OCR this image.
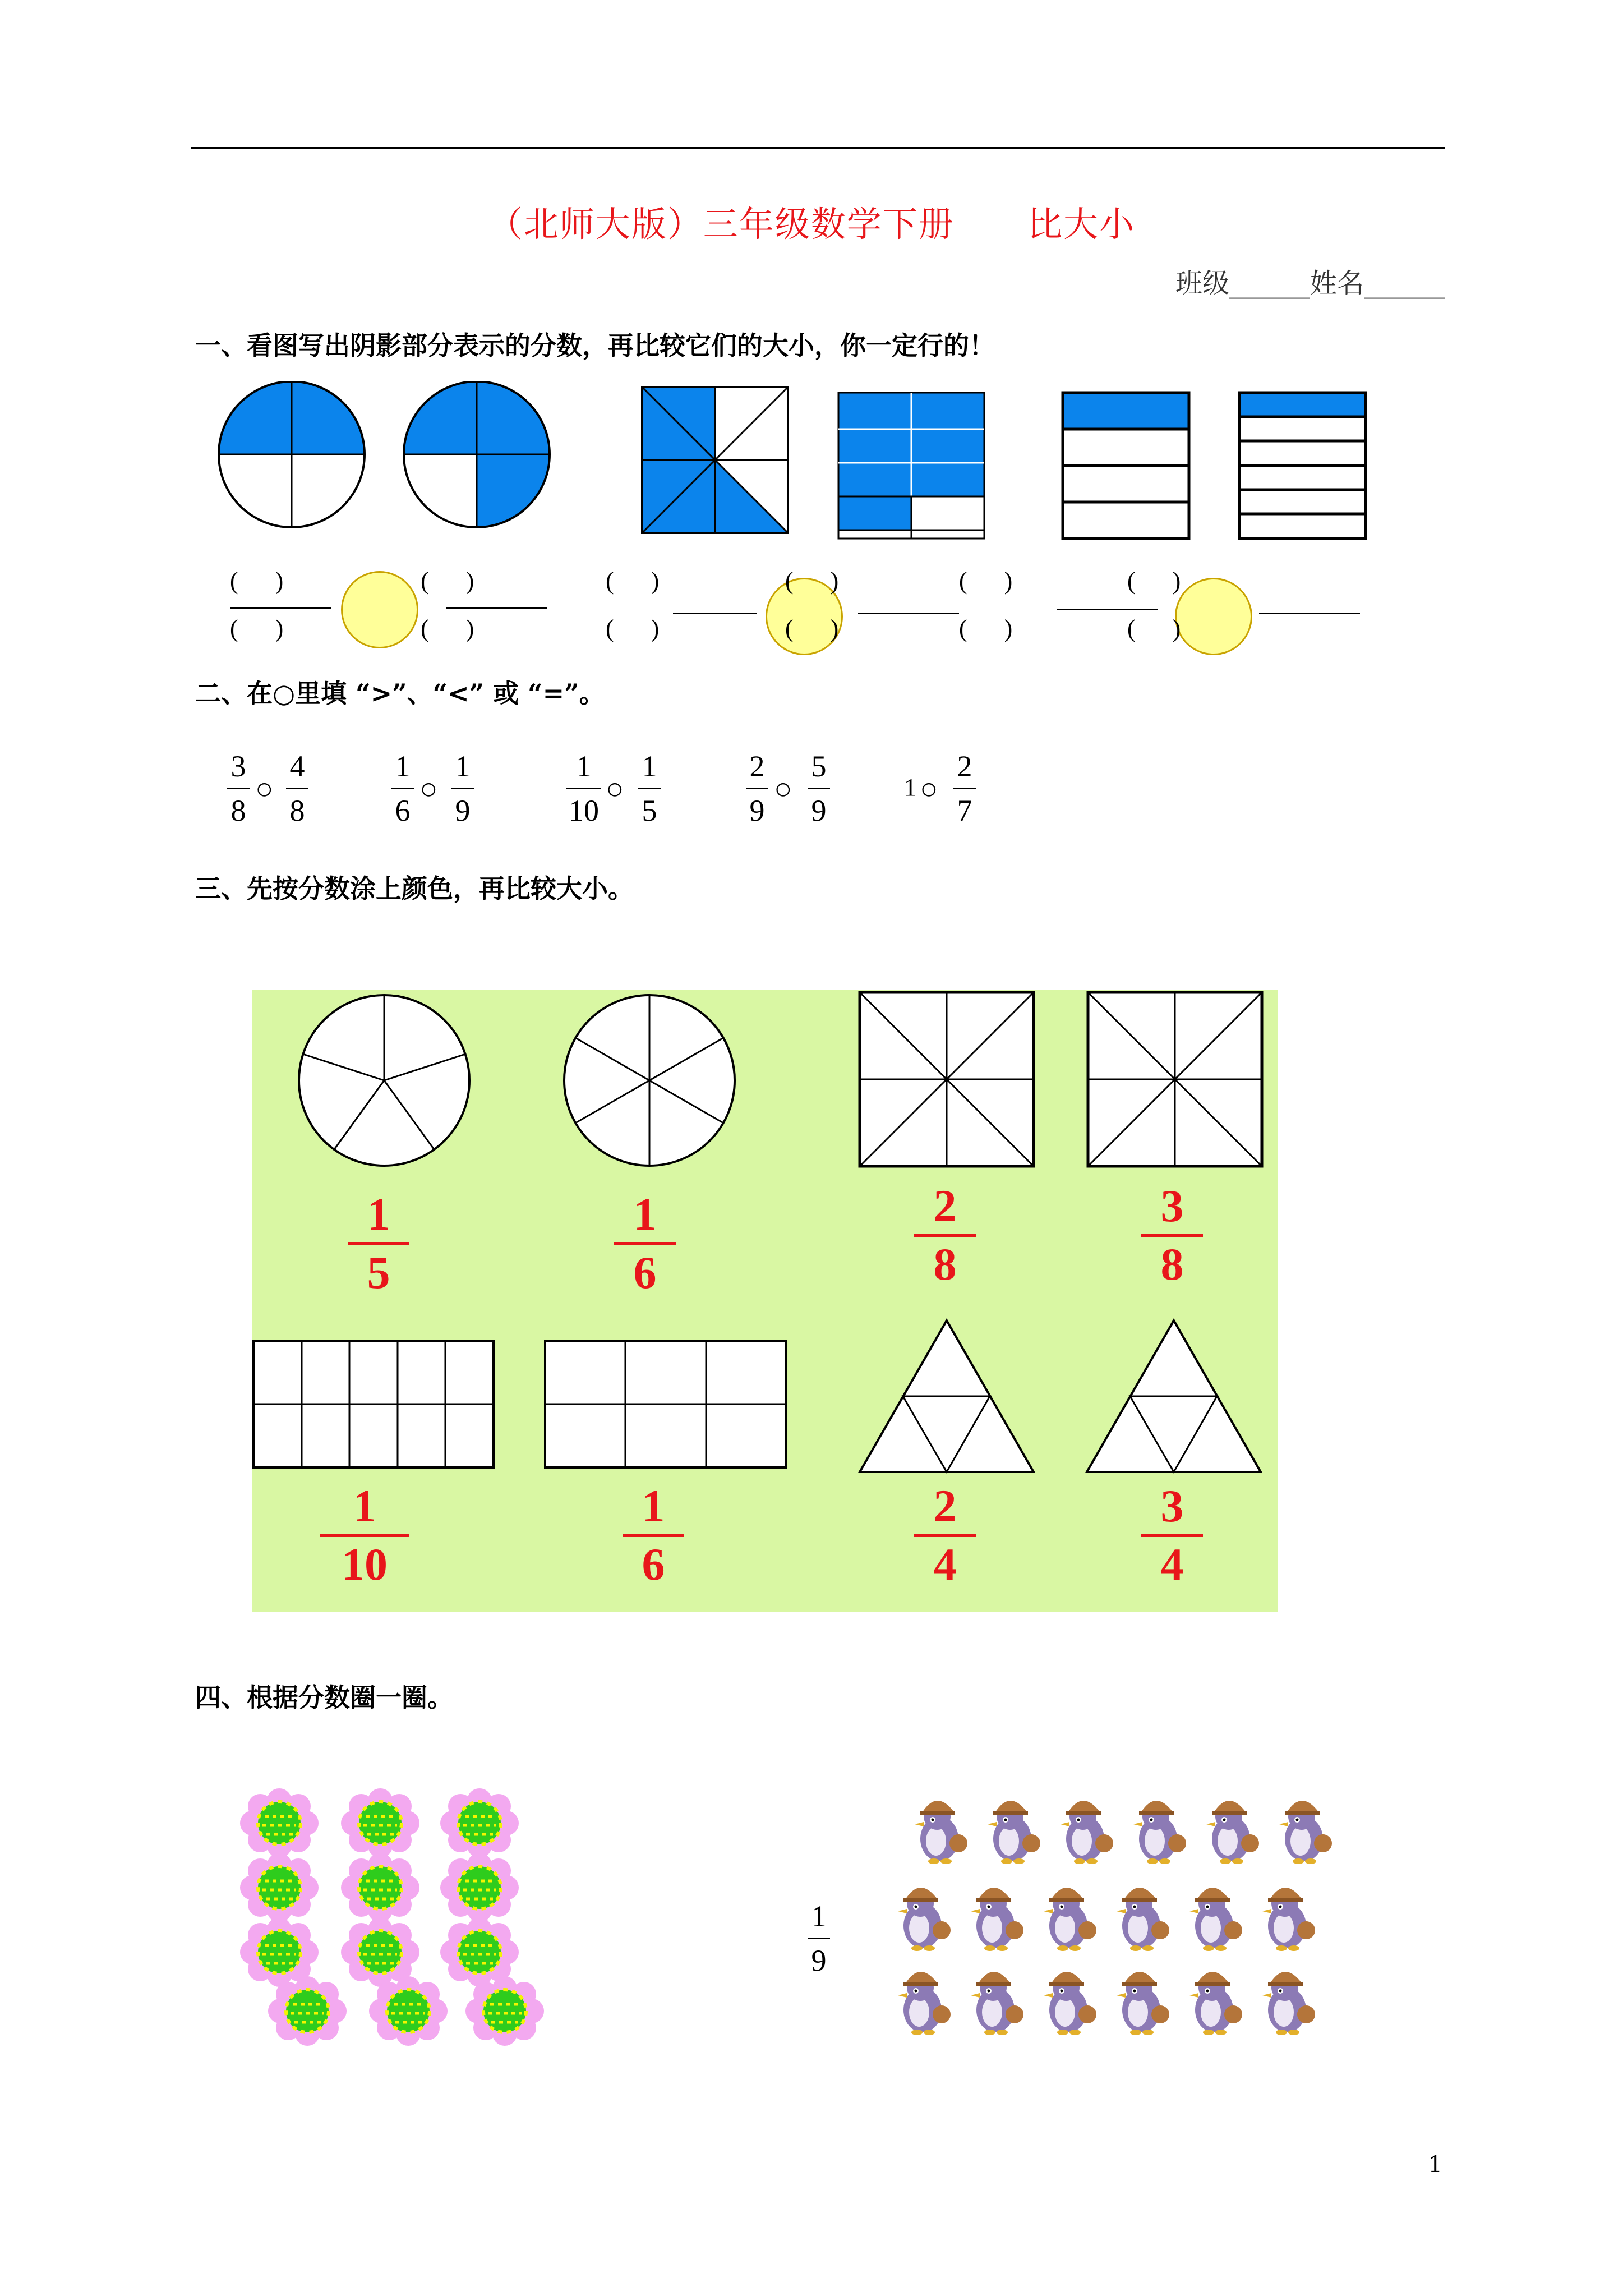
（北师大版）三年级数学下册 比大小
班级______姓名______
一、看图写出阴影部分表示的分数，再比较它们的大小，你一定行的！
(      )
(      )
(      )
(      )
(      )
(      )
(      )
(      )
(      )
(      )
(      )
(      )
二、在○里填 “>”、“<” 或 “=”。
3
8
○
4
8
1
6
○
1
9
1
10
○
1
5
2
9
○
5
9
1 ○
2
7
三、先按分数涂上颜色，再比较大小。
1
5
1
6
2
8
3
8
1
10
1
6
2
4
3
4
四、根据分数圈一圈。
1
9
1
